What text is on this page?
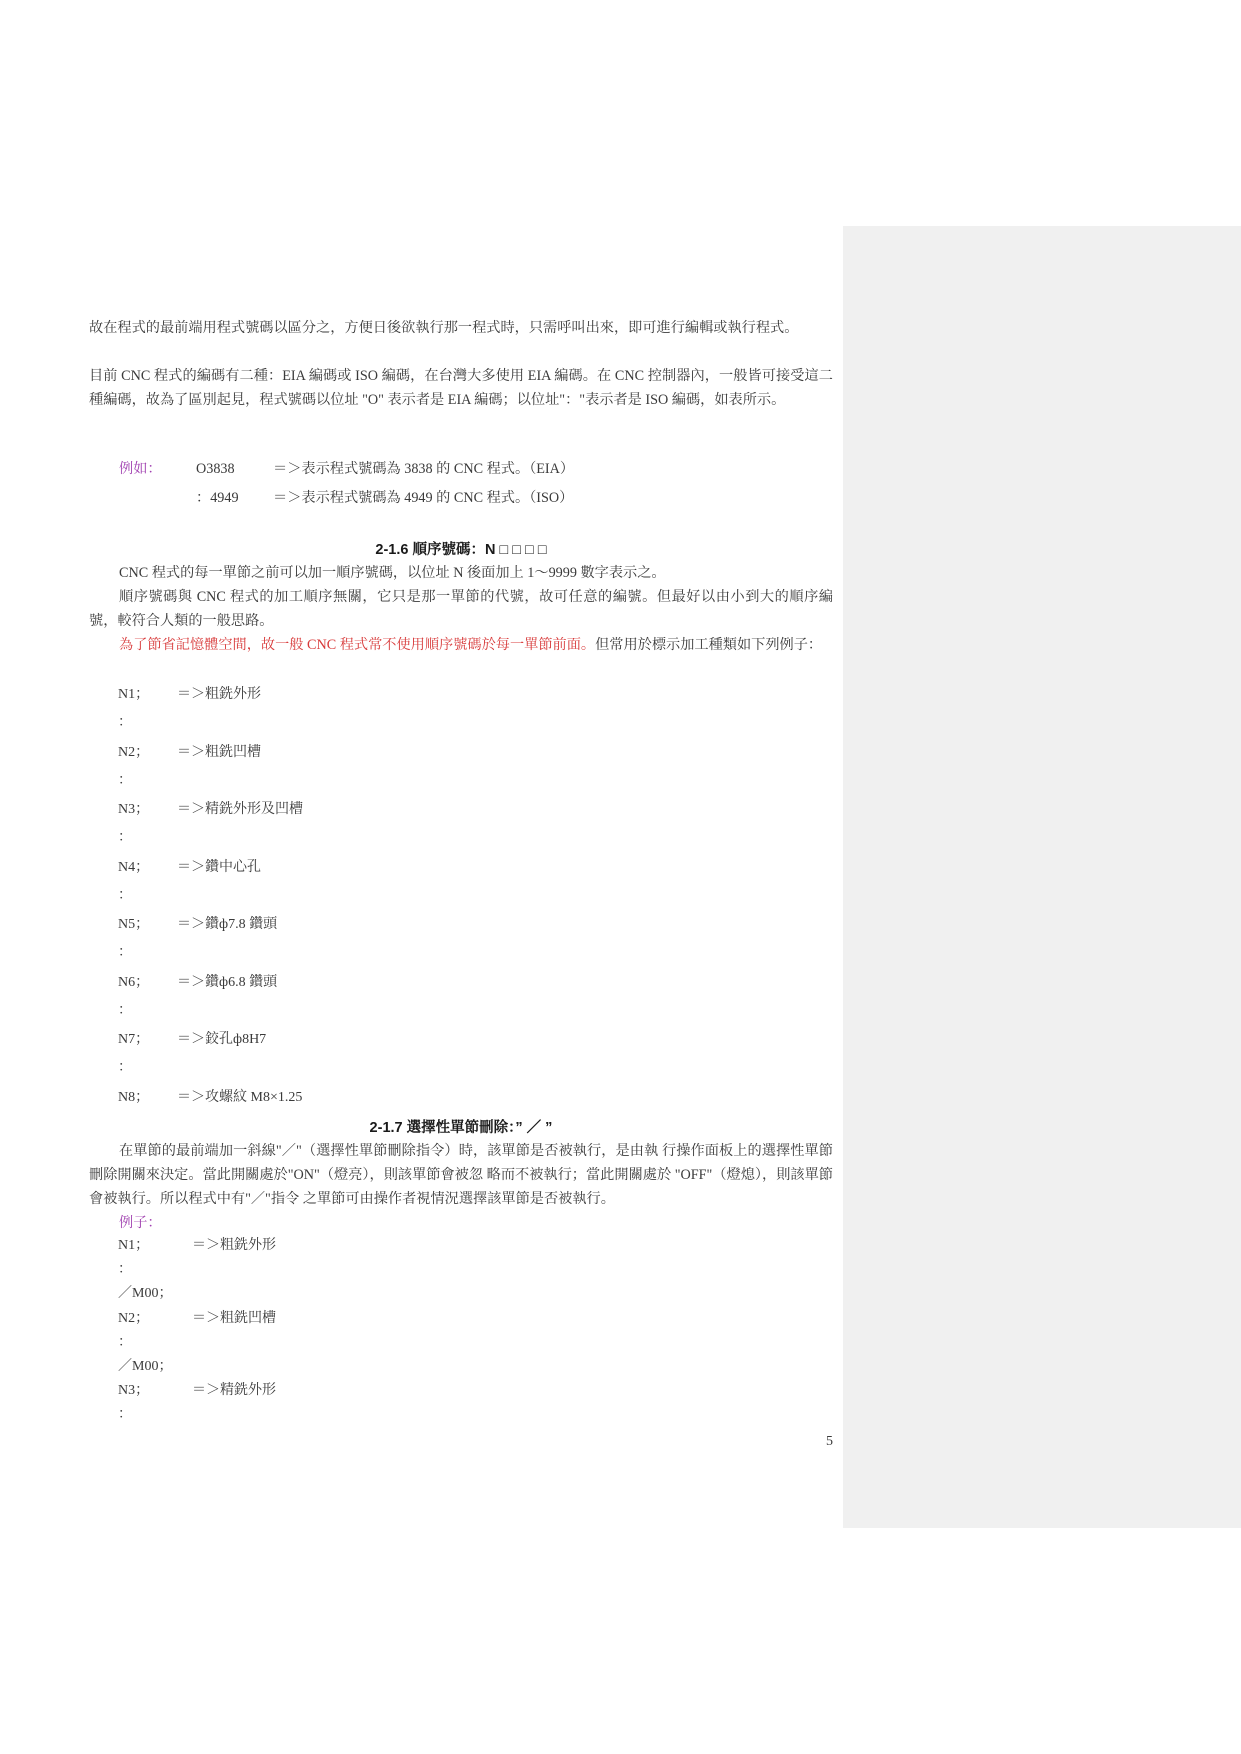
故在程式的最前端用程式號碼以區分之，方便日後欲執行那一程式時，只需呼叫出來，即可進行編輯或執行程式。
目前 CNC 程式的編碼有二種：EIA 編碼或 ISO 編碼，在台灣大多使用 EIA 編碼。在 CNC 控制器內，一般皆可接受這二種編碼，故為了區別起見，程式號碼以位址 "O" 表示者是 EIA 編碼；以位址"："表示者是 ISO 編碼，如表所示。
例如： O3838	＝＞表示程式號碼為 3838 的 CNC 程式。（EIA）
：4949 ＝＞表示程式號碼為 4949 的 CNC 程式。（ISO）
2-1.6 順序號碼：N □ □ □ □
CNC 程式的每一單節之前可以加一順序號碼，以位址 N 後面加上 1～9999 數字表示之。
順序號碼與 CNC 程式的加工順序無關，它只是那一單節的代號，故可任意的編號。但最好以由小到大的順序編號，較符合人類的一般思路。
為了節省記憶體空間，故一般 CNC 程式常不使用順序號碼於每一單節前面。但常用於標示加工種類如下列例子：
N1； ＝＞粗銑外形
：
N2； ＝＞粗銑凹槽
：
N3； ＝＞精銑外形及凹槽
：
N4； ＝＞鑽中心孔
：
N5； ＝＞鑽ф7.8 鑽頭
：
N6； ＝＞鑽ф6.8 鑽頭
：
N7； ＝＞鉸孔ф8H7
：
N8； ＝＞攻螺紋 M8×1.25
2-1.7 選擇性單節刪除：” ／ ”
在單節的最前端加一斜線"／"（選擇性單節刪除指令）時，該單節是否被執行，是由執 行操作面板上的選擇性單節刪除開關來決定。當此開關處於"ON"（燈亮），則該單節會被忽 略而不被執行；當此開關處於 "OFF"（燈熄），則該單節會被執行。所以程式中有"／"指令 之單節可由操作者視情況選擇該單節是否被執行。
例子：
N1；	＝＞粗銑外形
：
／M00；
N2；	＝＞粗銑凹槽
：
／M00；
N3；	＝＞精銑外形
：
5
